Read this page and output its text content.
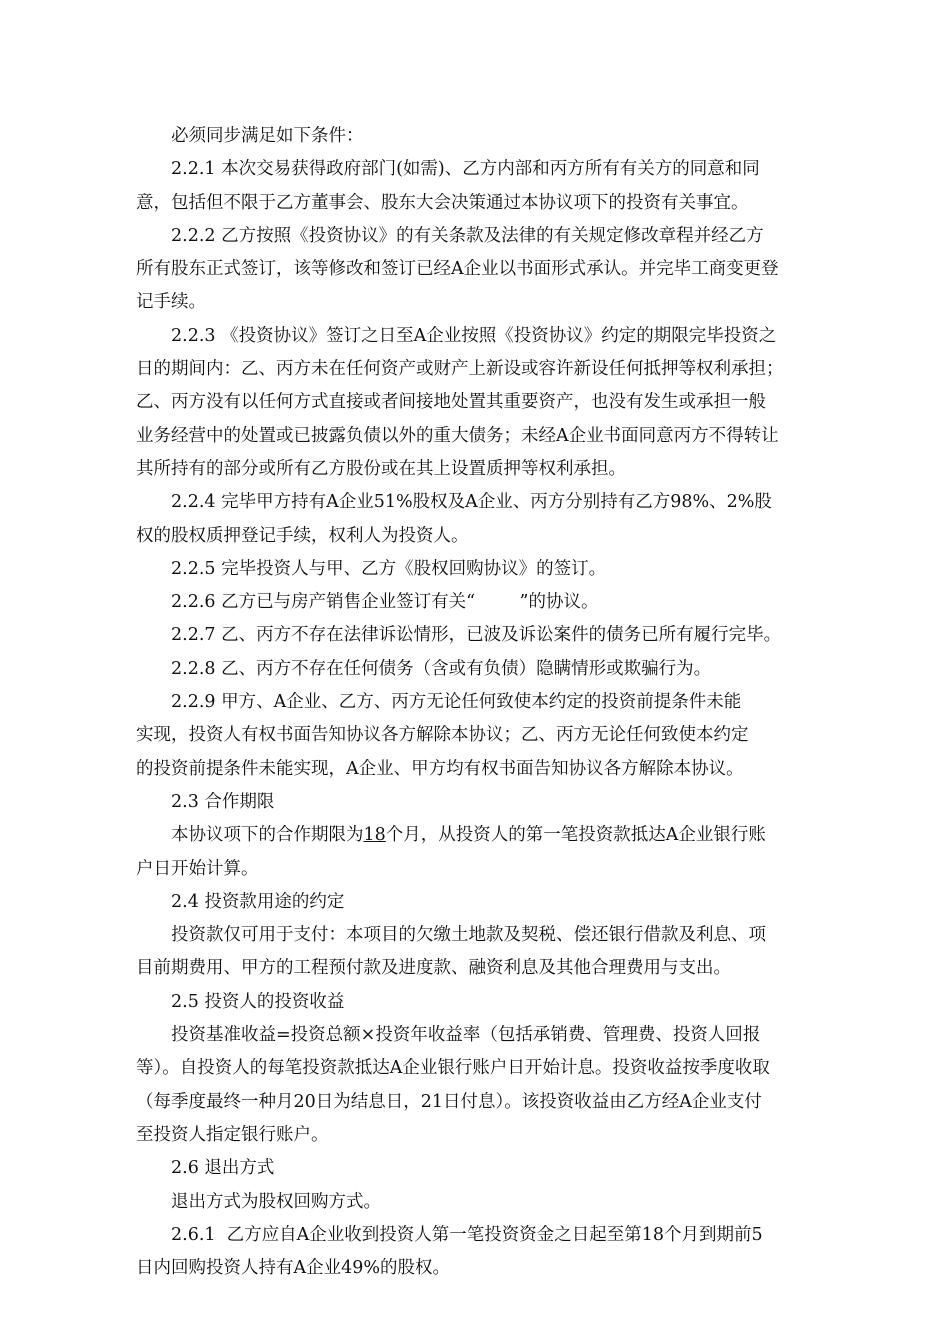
必须同步满足如下条件：

2.2.1 本次交易获得政府部门(如需)、乙方内部和丙方所有有关方的同意和同
意，包括但不限于乙方董事会、股东大会决策通过本协议项下的投资有关事宜。

2.2.2 乙方按照《投资协议》的有关条款及法律的有关规定修改章程并经乙方
所有股东正式签订，该等修改和签订已经A企业以书面形式承认。并完毕工商变更登
记手续。

2.2.3 《投资协议》签订之日至A企业按照《投资协议》约定的期限完毕投资之
日的期间内：乙、丙方未在任何资产或财产上新设或容许新设任何抵押等权利承担；
乙、丙方没有以任何方式直接或者间接地处置其重要资产，也没有发生或承担一般
业务经营中的处置或已披露负债以外的重大债务；未经A企业书面同意丙方不得转让
其所持有的部分或所有乙方股份或在其上设置质押等权利承担。

2.2.4 完毕甲方持有A企业51%股权及A企业、丙方分别持有乙方98%、2%股
权的股权质押登记手续，权利人为投资人。

2.2.5 完毕投资人与甲、乙方《股权回购协议》的签订。

2.2.6 乙方已与房产销售企业签订有关“        ”的协议。

2.2.7 乙、丙方不存在法律诉讼情形，已波及诉讼案件的债务已所有履行完毕。

2.2.8 乙、丙方不存在任何债务（含或有负债）隐瞒情形或欺骗行为。

2.2.9 甲方、A企业、乙方、丙方无论任何致使本约定的投资前提条件未能
实现，投资人有权书面告知协议各方解除本协议；乙、丙方无论任何致使本约定
的投资前提条件未能实现，A企业、甲方均有权书面告知协议各方解除本协议。

2.3 合作期限

本协议项下的合作期限为18个月，从投资人的第一笔投资款抵达A企业银行账
户日开始计算。

2.4 投资款用途的约定

投资款仅可用于支付：本项目的欠缴土地款及契税、偿还银行借款及利息、项
目前期费用、甲方的工程预付款及进度款、融资利息及其他合理费用与支出。

2.5 投资人的投资收益

投资基准收益=投资总额×投资年收益率（包括承销费、管理费、投资人回报
等）。自投资人的每笔投资款抵达A企业银行账户日开始计息。投资收益按季度收取
（每季度最终一种月20日为结息日，21日付息）。该投资收益由乙方经A企业支付
至投资人指定银行账户。

2.6 退出方式

退出方式为股权回购方式。

2.6.1  乙方应自A企业收到投资人第一笔投资资金之日起至第18个月到期前5
日内回购投资人持有A企业49%的股权。
